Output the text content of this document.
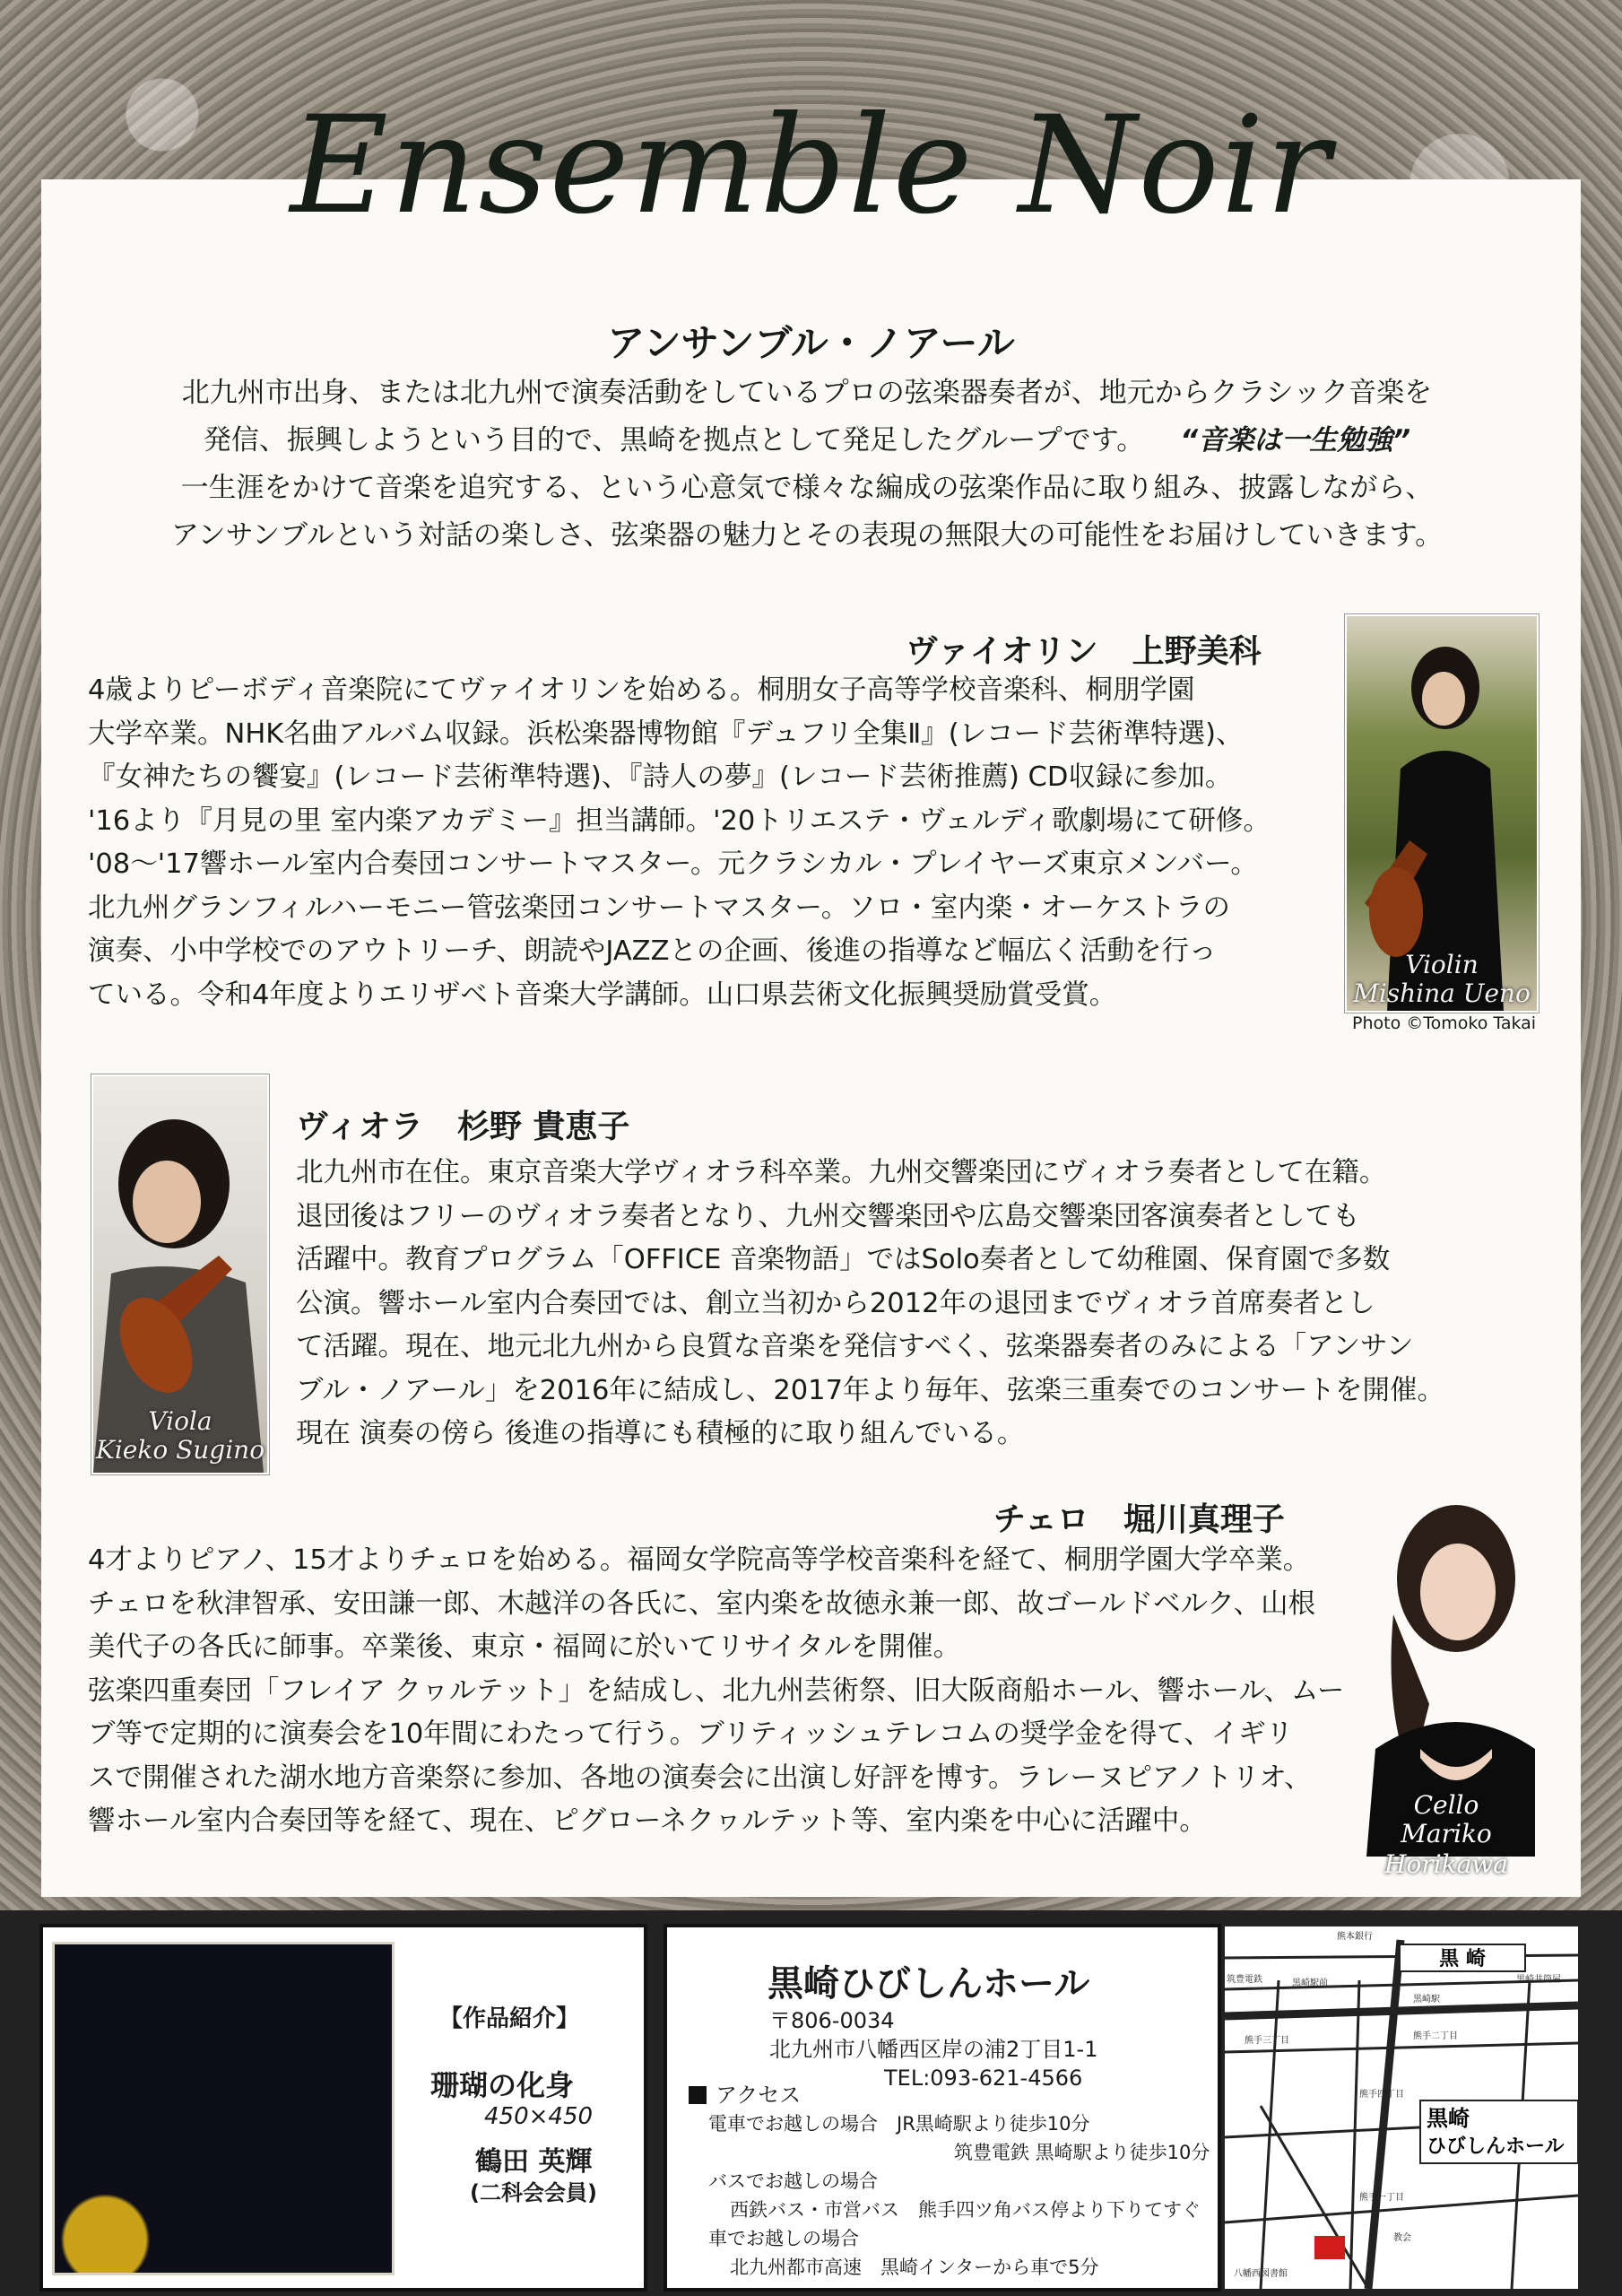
Ensemble Noir
アンサンブル・ノアール
北九州市出身、または北九州で演奏活動をしているプロの弦楽器奏者が、地元からクラシック音楽を
発信、振興しようという目的で、黒崎を拠点として発足したグループです。 “音楽は一生勉強”
一生涯をかけて音楽を追究する、という心意気で様々な編成の弦楽作品に取り組み、披露しながら、
アンサンブルという対話の楽しさ、弦楽器の魅力とその表現の無限大の可能性をお届けしていきます。
ヴァイオリン 上野美科

4歳よりピーボディ音楽院にてヴァイオリンを始める。桐朋女子高等学校音楽科、桐朋学園

大学卒業。NHK名曲アルバム収録。浜松楽器博物館『デュフリ全集Ⅱ』(レコード芸術準特選)、

『女神たちの饗宴』(レコード芸術準特選)、『詩人の夢』(レコード芸術推薦) CD収録に参加。

'16より『月見の里 室内楽アカデミー』担当講師。'20トリエステ・ヴェルディ歌劇場にて研修。

'08～'17響ホール室内合奏団コンサートマスター。元クラシカル・プレイヤーズ東京メンバー。

北九州グランフィルハーモニー管弦楽団コンサートマスター。ソロ・室内楽・オーケストラの

演奏、小中学校でのアウトリーチ、朗読やJAZZとの企画、後進の指導など幅広く活動を行っ

ている。令和4年度よりエリザベト音楽大学講師。山口県芸術文化振興奨励賞受賞。

Violin
Mishina Ueno
Photo ©Tomoko Takai
ヴィオラ 杉野 貴恵子

北九州市在住。東京音楽大学ヴィオラ科卒業。九州交響楽団にヴィオラ奏者として在籍。

退団後はフリーのヴィオラ奏者となり、九州交響楽団や広島交響楽団客演奏者としても

活躍中。教育プログラム「OFFICE 音楽物語」ではSolo奏者として幼稚園、保育園で多数

公演。響ホール室内合奏団では、創立当初から2012年の退団までヴィオラ首席奏者とし

て活躍。現在、地元北九州から良質な音楽を発信すべく、弦楽器奏者のみによる「アンサン

ブル・ノアール」を2016年に結成し、2017年より毎年、弦楽三重奏でのコンサートを開催。

現在 演奏の傍ら 後進の指導にも積極的に取り組んでいる。

Viola
Kieko Sugino
チェロ 堀川真理子

4才よりピアノ、15才よりチェロを始める。福岡女学院高等学校音楽科を経て、桐朋学園大学卒業。

チェロを秋津智承、安田謙一郎、木越洋の各氏に、室内楽を故徳永兼一郎、故ゴールドベルク、山根

美代子の各氏に師事。卒業後、東京・福岡に於いてリサイタルを開催。

弦楽四重奏団「フレイア クヮルテット」を結成し、北九州芸術祭、旧大阪商船ホール、響ホール、ムー

ブ等で定期的に演奏会を10年間にわたって行う。ブリティッシュテレコムの奨学金を得て、イギリ

スで開催された湖水地方音楽祭に参加、各地の演奏会に出演し好評を博す。ラレーヌピアノトリオ、

響ホール室内合奏団等を経て、現在、ピグローネクヮルテット等、室内楽を中心に活躍中。

Cello
Mariko Horikawa
【作品紹介】
珊瑚の化身
450×450
鶴田 英輝
(二科会会員)
黒崎ひびしんホール
〒806-0034
北九州市八幡西区岸の浦2丁目1-1
TEL:093-621-4566
アクセス
電車でお越しの場合　 JR黒崎駅より徒歩10分
筑豊電鉄 黒崎駅より徒歩10分
バスでお越しの場合
西鉄バス・市営バス　 熊手四ツ角バス停より下りてすぐ
車でお越しの場合
北九州都市高速　 黒崎インターから車で5分
黒 崎
黒崎
ひびしんホール
熊本銀行
黒崎駅前	黒崎井筒屋
筑豊電鉄
黒崎駅
熊手三丁目	熊手二丁目
熊手四丁目
熊手一丁目
八幡西図書館
教会
